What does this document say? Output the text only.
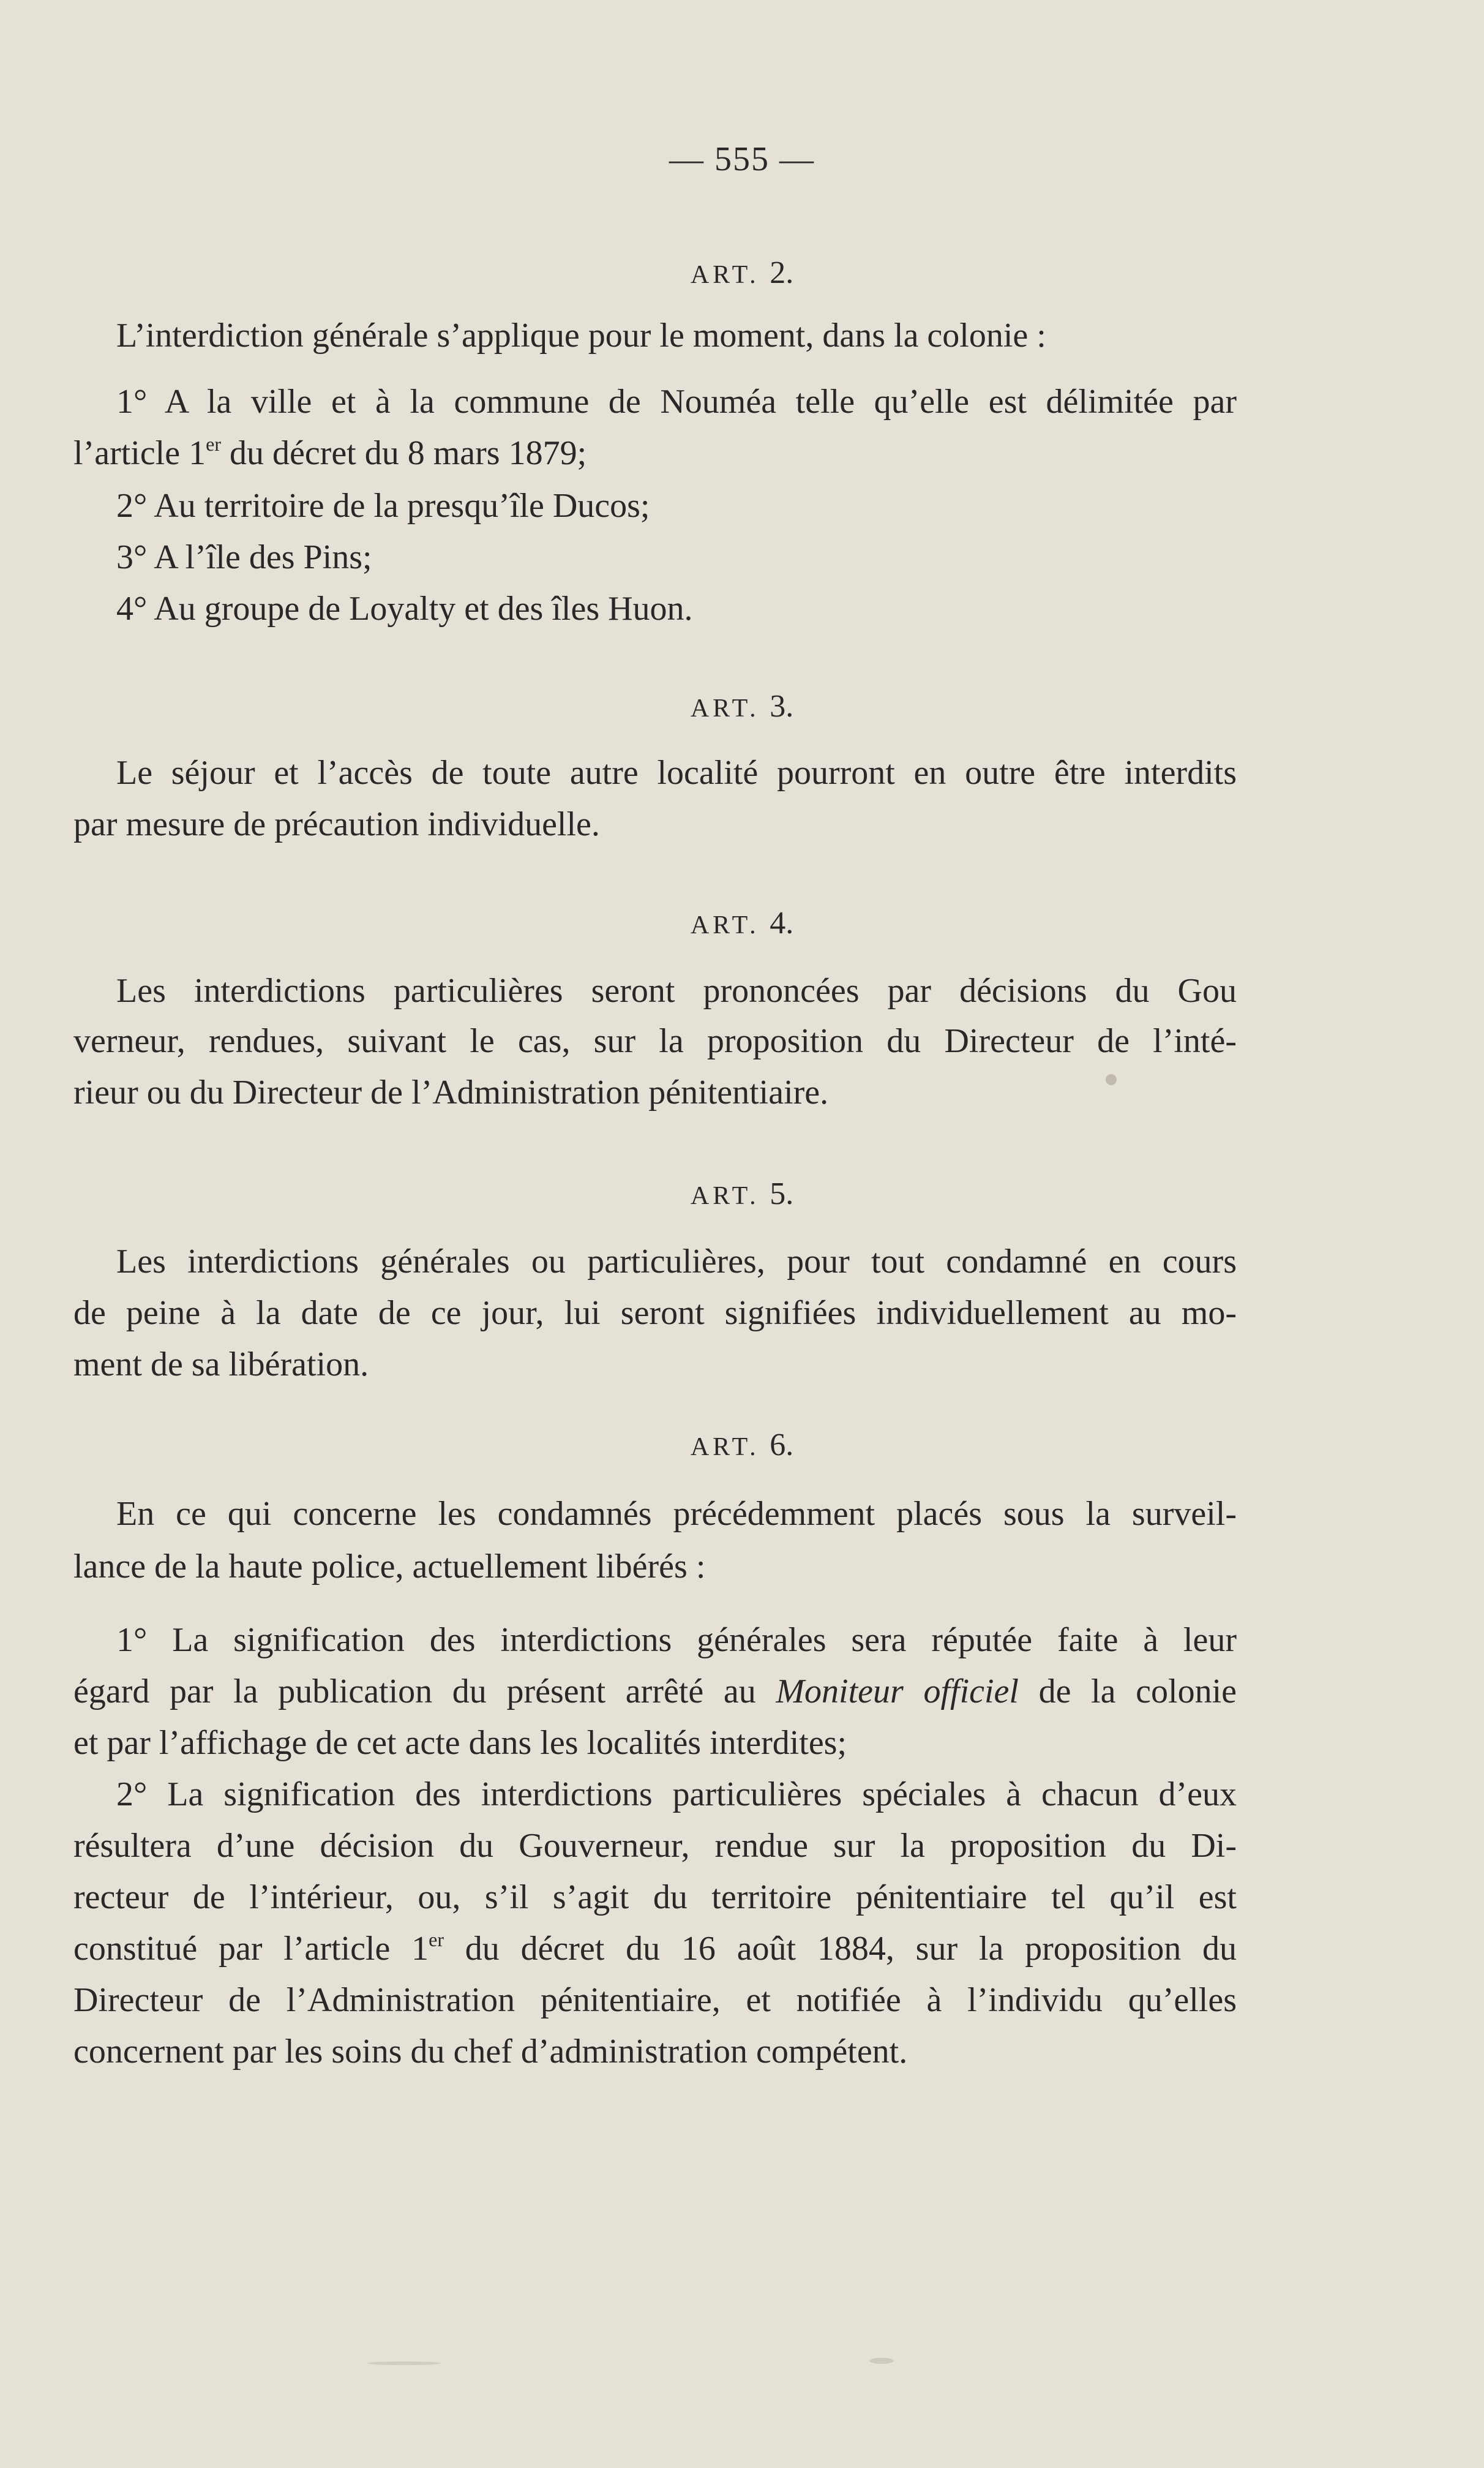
— 555 —
ART. 2.
L’interdiction générale s’applique pour le moment, dans la colonie :
1° A la ville et à la commune de Nouméa telle qu’elle est délimitée par
l’article 1er du décret du 8 mars 1879;
2° Au territoire de la presqu’île Ducos;
3° A l’île des Pins;
4° Au groupe de Loyalty et des îles Huon.
ART. 3.
Le séjour et l’accès de toute autre localité pourront en outre être interdits
par mesure de précaution individuelle.
ART. 4.
Les interdictions particulières seront prononcées par décisions du Gou
verneur, rendues, suivant le cas, sur la proposition du Directeur de l’inté-
rieur ou du Directeur de l’Administration pénitentiaire.
ART. 5.
Les interdictions générales ou particulières, pour tout condamné en cours
de peine à la date de ce jour, lui seront signifiées individuellement au mo-
ment de sa libération.
ART. 6.
En ce qui concerne les condamnés précédemment placés sous la surveil-
lance de la haute police, actuellement libérés :
1° La signification des interdictions générales sera réputée faite à leur
égard par la publication du présent arrêté au Moniteur officiel de la colonie
et par l’affichage de cet acte dans les localités interdites;
2° La signification des interdictions particulières spéciales à chacun d’eux
résultera d’une décision du Gouverneur, rendue sur la proposition du Di-
recteur de l’intérieur, ou, s’il s’agit du territoire pénitentiaire tel qu’il est
constitué par l’article 1er du décret du 16 août 1884, sur la proposition du
Directeur de l’Administration pénitentiaire, et notifiée à l’individu qu’elles
concernent par les soins du chef d’administration compétent.
